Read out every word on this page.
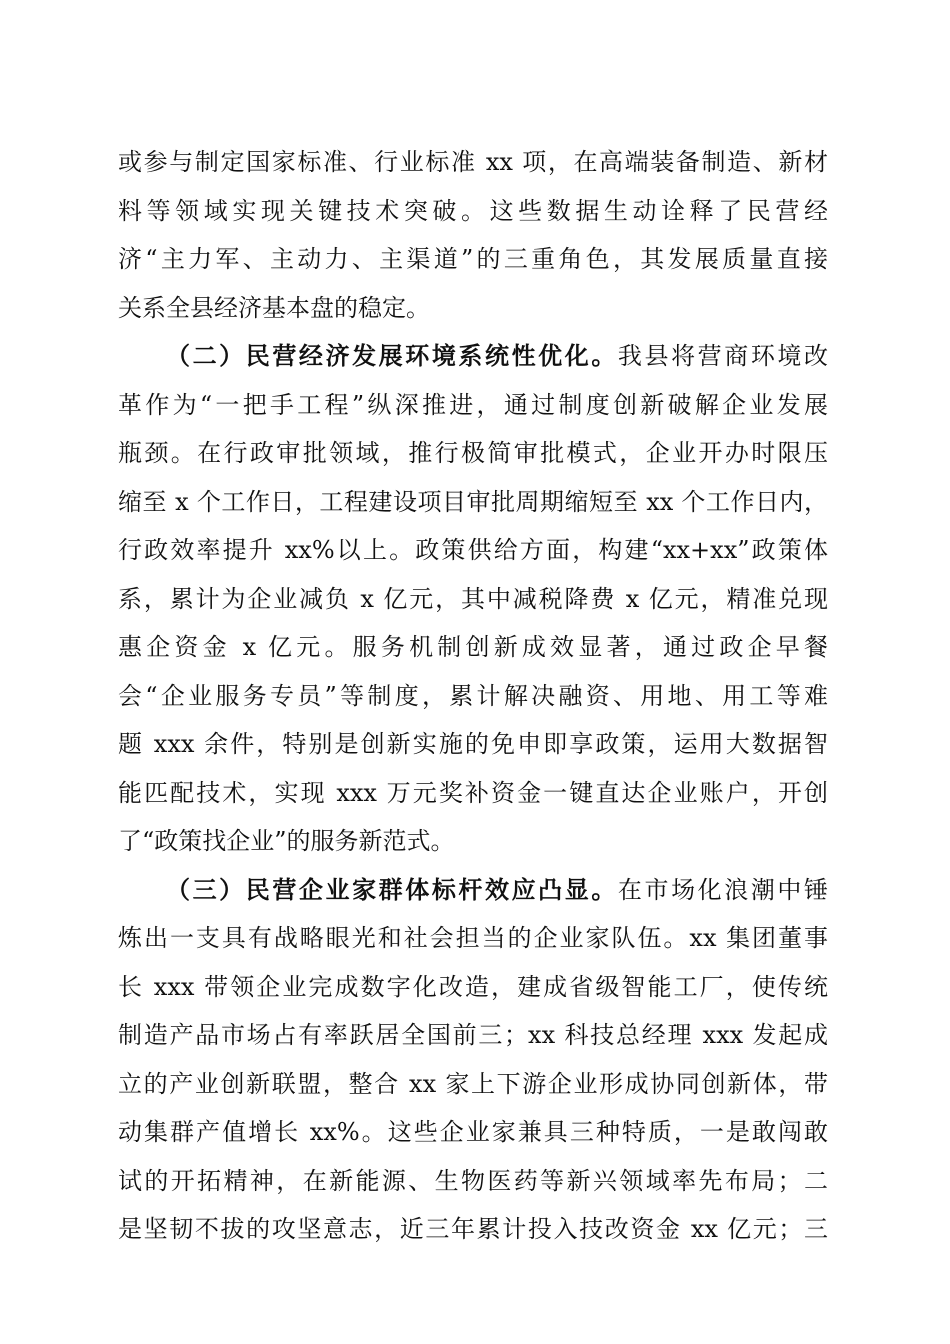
或参与制定国家标准、行业标准 xx 项，在高端装备制造、新材
料等领域实现关键技术突破。这些数据生动诠释了民营经
济“主力军、主动力、主渠道”的三重角色，其发展质量直接
关系全县经济基本盘的稳定。
（二）民营经济发展环境系统性优化。我县将营商环境改
革作为“一把手工程”纵深推进，通过制度创新破解企业发展
瓶颈。在行政审批领域，推行极简审批模式，企业开办时限压
缩至 x 个工作日，工程建设项目审批周期缩短至 xx 个工作日内，
行政效率提升 xx%以上。政策供给方面，构建“xx+xx”政策体
系，累计为企业减负 x 亿元，其中减税降费 x 亿元，精准兑现
惠企资金 x 亿元。服务机制创新成效显著，通过政企早餐
会“企业服务专员”等制度，累计解决融资、用地、用工等难
题 xxx 余件，特别是创新实施的免申即享政策，运用大数据智
能匹配技术，实现 xxx 万元奖补资金一键直达企业账户，开创
了“政策找企业”的服务新范式。
（三）民营企业家群体标杆效应凸显。在市场化浪潮中锤
炼出一支具有战略眼光和社会担当的企业家队伍。xx 集团董事
长 xxx 带领企业完成数字化改造，建成省级智能工厂，使传统
制造产品市场占有率跃居全国前三；xx 科技总经理 xxx 发起成
立的产业创新联盟，整合 xx 家上下游企业形成协同创新体，带
动集群产值增长 xx%。这些企业家兼具三种特质，一是敢闯敢
试的开拓精神，在新能源、生物医药等新兴领域率先布局；二
是坚韧不拔的攻坚意志，近三年累计投入技改资金 xx 亿元；三
